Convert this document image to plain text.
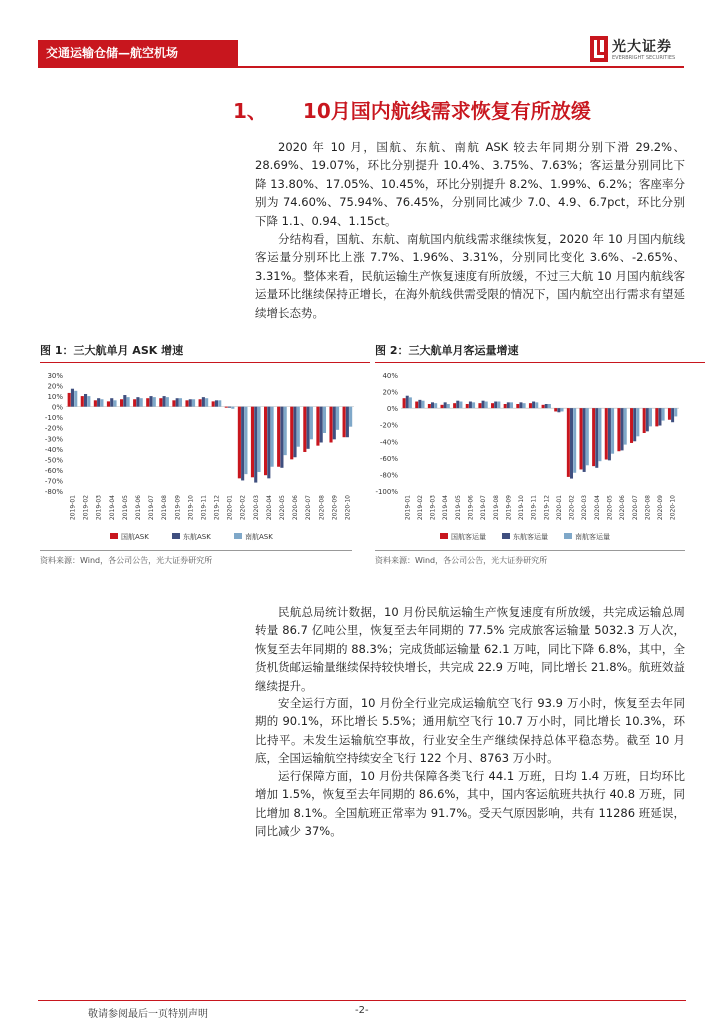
交通运输仓储—航空机场	光大证券
EVERBRIGHT SECURITIES
1、 10月国内航线需求恢复有所放缓

2020 年 10 月，国航、东航、南航 ASK 较去年同期分别下滑 29.2%、28.69%、19.07%，环比分别提升 10.4%、3.75%、7.63%；客运量分别同比下降 13.80%、17.05%、10.45%，环比分别提升 8.2%、1.99%、6.2%；客座率分别为 74.60%、75.94%、76.45%，分别同比减少 7.0、4.9、6.7pct，环比分别下降 1.1、0.94、1.15ct。

分结构看，国航、东航、南航国内航线需求继续恢复，2020 年 10 月国内航线客运量分别环比上涨 7.7%、1.96%、3.31%，分别同比变化 3.6%、-2.65%、3.31%。整体来看，民航运输生产恢复速度有所放缓，不过三大航 10 月国内航线客运量环比继续保持正增长，在海外航线供需受限的情况下，国内航空出行需求有望延续增长态势。

图 1：三大航单月 ASK 增速
30%
20%
10%
0%
-10%
-20%
-30%
-40%
-50%
-60%
-70%
-80%
2019-01 2019-02 2019-03 2019-04 2019-05 2019-06 2019-07 2019-08 2019-09 2019-10 2019-11 2019-12 2020-01 2020-02 2020-03 2020-04 2020-05 2020-06 2020-07 2020-08 2020-09 2020-10
国航ASK	东航ASK	南航ASK
资料来源：Wind，各公司公告，光大证券研究所
图 2：三大航单月客运量增速
40%
20%
0%
-20%
-40%
-60%
-80%
-100%
2019-01 2019-02 2019-03 2019-04 2019-05 2019-06 2019-07 2019-08 2019-09 2019-10 2019-11 2019-12 2020-01 2020-02 2020-03 2020-04 2020-05 2020-06 2020-07 2020-08 2020-09 2020-10
国航客运量	东航客运量	南航客运量
资料来源：Wind，各公司公告，光大证券研究所

民航总局统计数据，10 月份民航运输生产恢复速度有所放缓，共完成运输总周转量 86.7 亿吨公里，恢复至去年同期的 77.5% 完成旅客运输量 5032.3 万人次，恢复至去年同期的 88.3%；完成货邮运输量 62.1 万吨，同比下降 6.8%，其中，全货机货邮运输量继续保持较快增长，共完成 22.9 万吨，同比增长 21.8%。航班效益继续提升。

安全运行方面，10 月份全行业完成运输航空飞行 93.9 万小时，恢复至去年同期的 90.1%，环比增长 5.5%；通用航空飞行 10.7 万小时，同比增长 10.3%，环比持平。未发生运输航空事故，行业安全生产继续保持总体平稳态势。截至 10 月底，全国运输航空持续安全飞行 122 个月、8763 万小时。

运行保障方面，10 月份共保障各类飞行 44.1 万班，日均 1.4 万班，日均环比增加 1.5%，恢复至去年同期的 86.6%，其中，国内客运航班共执行 40.8 万班，同比增加 8.1%。全国航班正常率为 91.7%。受天气原因影响，共有 11286 班延误，同比减少 37%。

敬请参阅最后一页特别声明	-2-
